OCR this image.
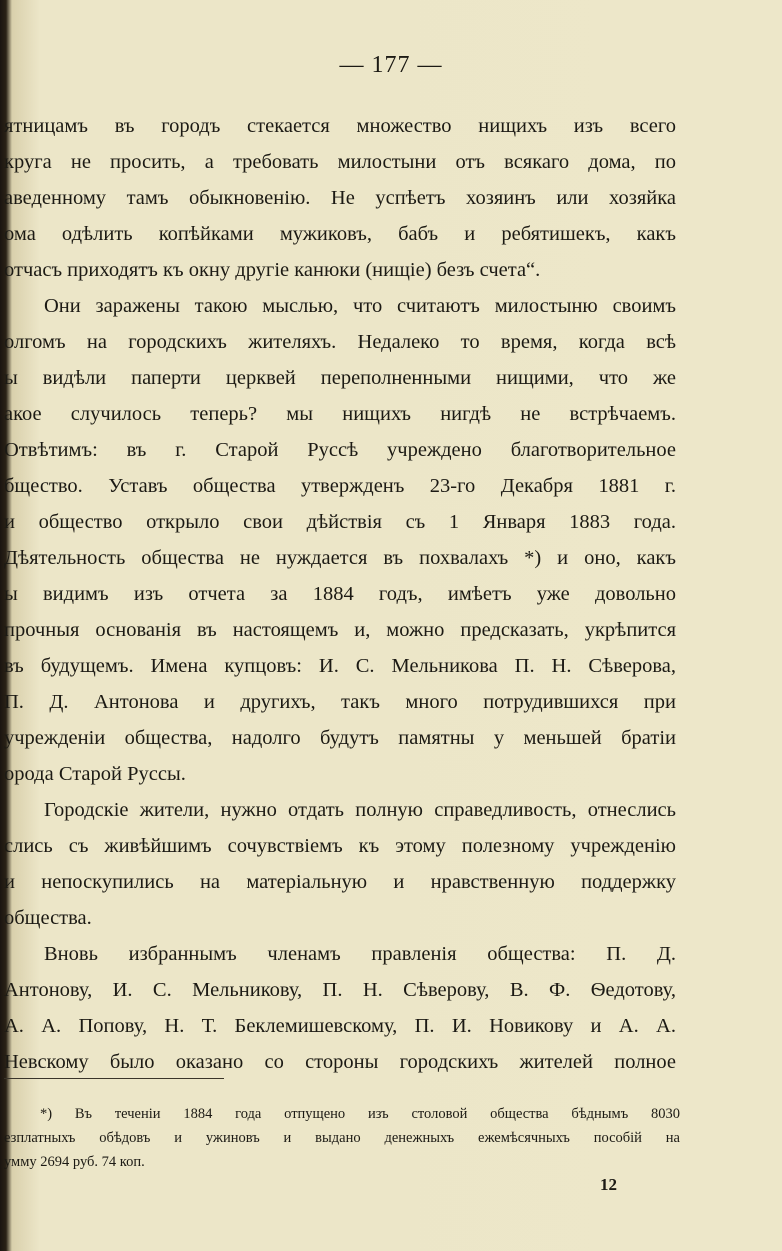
— 177 —
ятницамъ въ городъ стекается множество нищихъ изъ всего
круга не просить, а требовать милостыни отъ всякаго дома, по
аведенному тамъ обыкновенію. Не успѣетъ хозяинъ или хозяйка
ома одѣлить копѣйками мужиковъ, бабъ и ребятишекъ, какъ
отчасъ приходятъ къ окну другіе канюки (нищіе) безъ счета“.
Они заражены такою мыслью, что считаютъ милостыню своимъ
олгомъ на городскихъ жителяхъ. Недалеко то время, когда всѣ
ы видѣли паперти церквей переполненными нищими, что же
акое случилось теперь? мы нищихъ нигдѣ не встрѣчаемъ.
Отвѣтимъ: въ г. Старой Руссѣ учреждено благотворительное
бщество. Уставъ общества утвержденъ 23-го Декабря 1881 г.
и общество открыло свои дѣйствія съ 1 Января 1883 года.
Дѣятельность общества не нуждается въ похвалахъ *) и оно, какъ
ы видимъ изъ отчета за 1884 годъ, имѣетъ уже довольно
прочныя основанія въ настоящемъ и, можно предсказать, укрѣпится
въ будущемъ. Имена купцовъ: И. С. Мельникова П. Н. Сѣверова,
П. Д. Антонова и другихъ, такъ много потрудившихся при
учрежденіи общества, надолго будутъ памятны у меньшей братіи
орода Старой Руссы.
Городскіе жители, нужно отдать полную справедливость, отнеслись
слись съ живѣйшимъ сочувствіемъ къ этому полезному учрежденію
и непоскупились на матеріальную и нравственную поддержку
общества.
Вновь избраннымъ членамъ правленія общества: П. Д.
Антонову, И. С. Мельникову, П. Н. Сѣверову, В. Ф. Ѳедотову,
А. А. Попову, Н. Т. Беклемишевскому, П. И. Новикову и А. А.
Невскому было оказано со стороны городскихъ жителей полное
*) Въ теченіи 1884 года отпущено изъ столовой общества бѣднымъ 8030
езплатныхъ обѣдовъ и ужиновъ и выдано денежныхъ ежемѣсячныхъ пособій на
умму 2694 руб. 74 коп.
12
